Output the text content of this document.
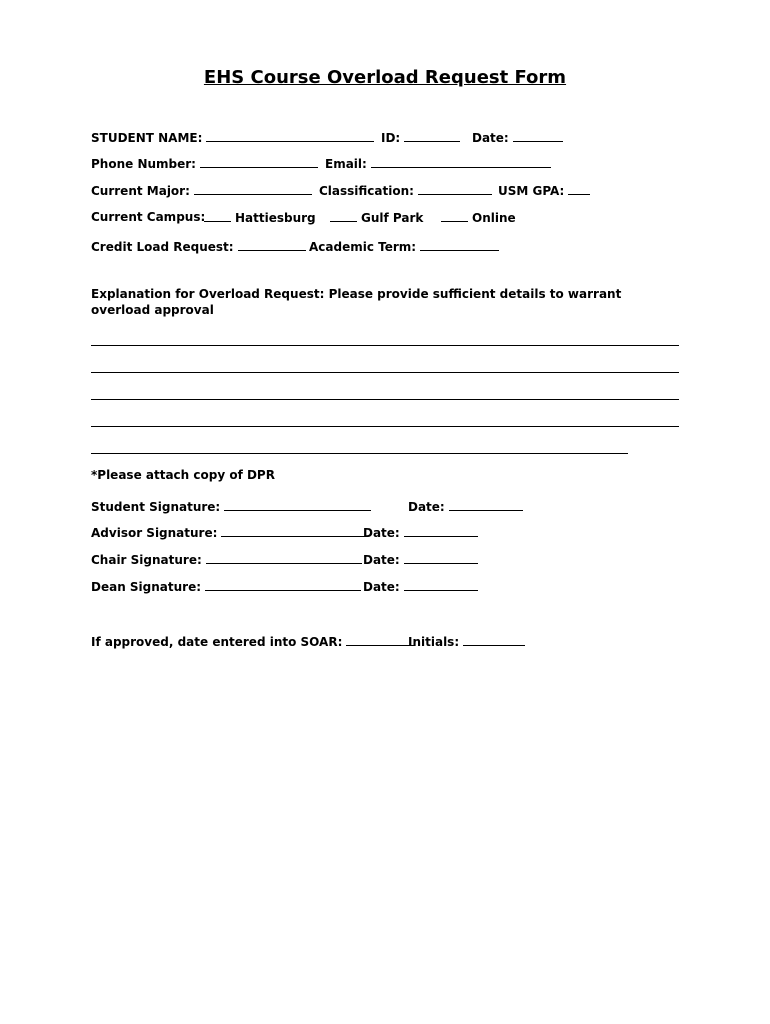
EHS Course Overload Request Form
STUDENT NAME:	ID:	Date:
Phone Number:	Email:
Current Major:	Classification:	USM GPA:
Current Campus:	Hattiesburg	Gulf Park	Online
Credit Load Request:	Academic Term:
Explanation for Overload Request: Please provide sufficient details to warrant overload approval
*Please attach copy of DPR
Student Signature:	Date:
Advisor Signature:	Date:
Chair Signature:	Date:
Dean Signature:	Date:
If approved, date entered into SOAR:	Initials:
